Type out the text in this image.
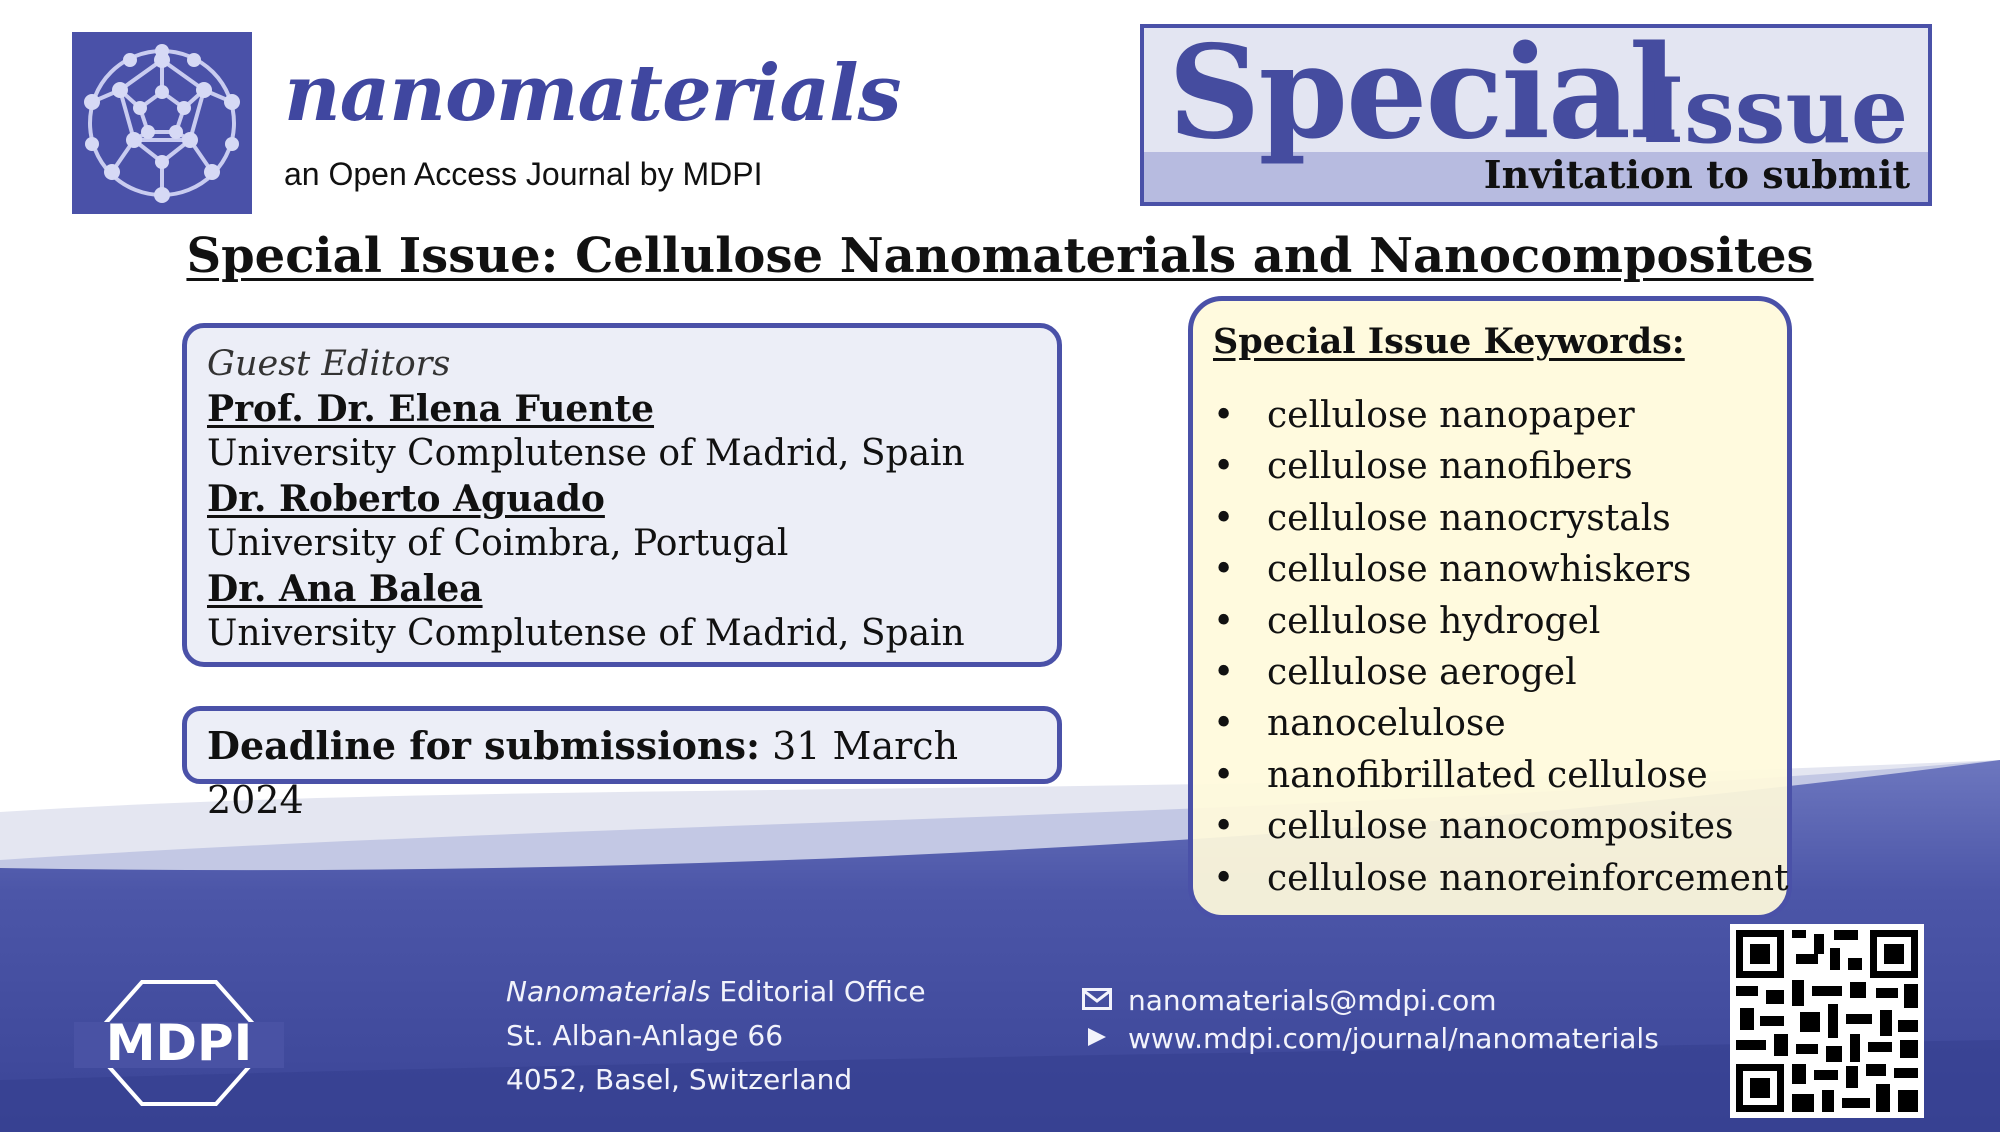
nanomaterials
an Open Access Journal by MDPI
Special
Issue
Invitation to submit
Special Issue: Cellulose Nanomaterials and Nanocomposites
Guest Editors
Prof. Dr. Elena Fuente
University Complutense of Madrid, Spain
Dr. Roberto Aguado
University of Coimbra, Portugal
Dr. Ana Balea
University Complutense of Madrid, Spain
Deadline for submissions: 31 March 2024
Special Issue Keywords:
• cellulose nanopaper
• cellulose nanofibers
• cellulose nanocrystals
• cellulose nanowhiskers
• cellulose hydrogel
• cellulose aerogel
• nanocelulose
• nanofibrillated cellulose
• cellulose nanocomposites
• cellulose nanoreinforcement
MDPI
Nanomaterials Editorial Office
St. Alban-Anlage 66
4052, Basel, Switzerland
nanomaterials@mdpi.com
www.mdpi.com/journal/nanomaterials
